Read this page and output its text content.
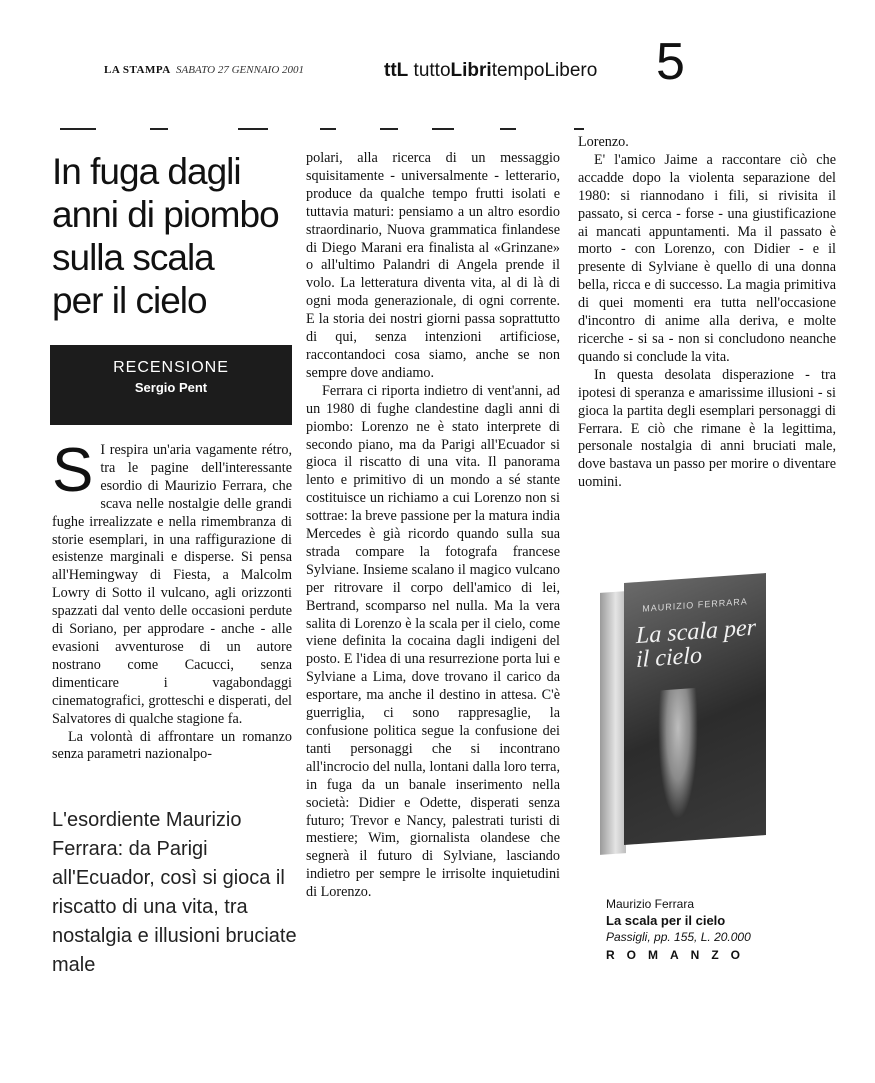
LA STAMPA SABATO 27 GENNAIO 2001	ttL tuttoLibritempoLibero 5
In fuga dagli
anni di piombo
sulla scala
per il cielo
RECENSIONE
Sergio Pent

S I respira un'aria vagamente rétro, tra le pagine dell'interessante esordio di Maurizio Ferrara, che scava nelle nostalgie delle grandi fughe irrealizzate e nella rimembranza di storie esemplari, in una raffigurazione di esistenze marginali e disperse. Si pensa all'Hemingway di Fiesta, a Malcolm Lowry di Sotto il vulcano, agli orizzonti spazzati dal vento delle occasioni perdute di Soriano, per approdare - anche - alle evasioni avventurose di un autore nostrano come Cacucci, senza dimenticare i vagabondaggi cinematografici, grotteschi e disperati, del Salvatores di qualche stagione fa.

La volontà di affrontare un romanzo senza parametri nazionalpo-

L'esordiente Maurizio Ferrara: da Parigi all'Ecuador, così si gioca il riscatto di una vita, tra nostalgia e illusioni bruciate male

polari, alla ricerca di un messaggio squisitamente - universalmente - letterario, produce da qualche tempo frutti isolati e tuttavia maturi: pensiamo a un altro esordio straordinario, Nuova grammatica finlandese di Diego Marani era finalista al «Grinzane» o all'ultimo Palandri di Angela prende il volo. La letteratura diventa vita, al di là di ogni moda generazionale, di ogni corrente. E la storia dei nostri giorni passa soprattutto di qui, senza intenzioni artificiose, raccontandoci cosa siamo, anche se non sempre dove andiamo.

Ferrara ci riporta indietro di vent'anni, ad un 1980 di fughe clandestine dagli anni di piombo: Lorenzo ne è stato interprete di secondo piano, ma da Parigi all'Ecuador si gioca il riscatto di una vita. Il panorama lento e primitivo di un mondo a sé stante costituisce un richiamo a cui Lorenzo non si sottrae: la breve passione per la matura india Mercedes è già ricordo quando sulla sua strada compare la fotografa francese Sylviane. Insieme scalano il magico vulcano per ritrovare il corpo dell'amico di lei, Bertrand, scomparso nel nulla. Ma la vera salita di Lorenzo è la scala per il cielo, come viene definita la cocaina dagli indigeni del posto. E l'idea di una resurrezione porta lui e Sylviane a Lima, dove trovano il carico da esportare, ma anche il destino in attesa. C'è guerriglia, ci sono rappresaglie, la confusione politica segue la confusione dei tanti personaggi che si incontrano all'incrocio del nulla, lontani dalla loro terra, in fuga da un banale inserimento nella società: Didier e Odette, disperati senza futuro; Trevor e Nancy, palestrati turisti di mestiere; Wim, giornalista olandese che segnerà il futuro di Sylviane, lasciando indietro per sempre le irrisolte inquietudini di Lorenzo.

Lorenzo.

E' l'amico Jaime a raccontare ciò che accadde dopo la violenta separazione del 1980: si riannodano i fili, si rivisita il passato, si cerca - forse - una giustificazione ai mancati appuntamenti. Ma il passato è morto - con Lorenzo, con Didier - e il presente di Sylviane è quello di una donna bella, ricca e di successo. La magia primitiva di quei momenti era tutta nell'occasione d'incontro di anime alla deriva, e molte ricerche - si sa - non si concludono neanche quando si conclude la vita.

In questa desolata disperazione - tra ipotesi di speranza e amarissime illusioni - si gioca la partita degli esemplari personaggi di Ferrara. E ciò che rimane è la legittima, personale nostalgia di anni bruciati male, dove bastava un passo per morire o diventare uomini.

MAURIZIO FERRARA
La scala per il cielo
Maurizio Ferrara
La scala per il cielo
Passigli, pp. 155, L. 20.000
ROMANZO
